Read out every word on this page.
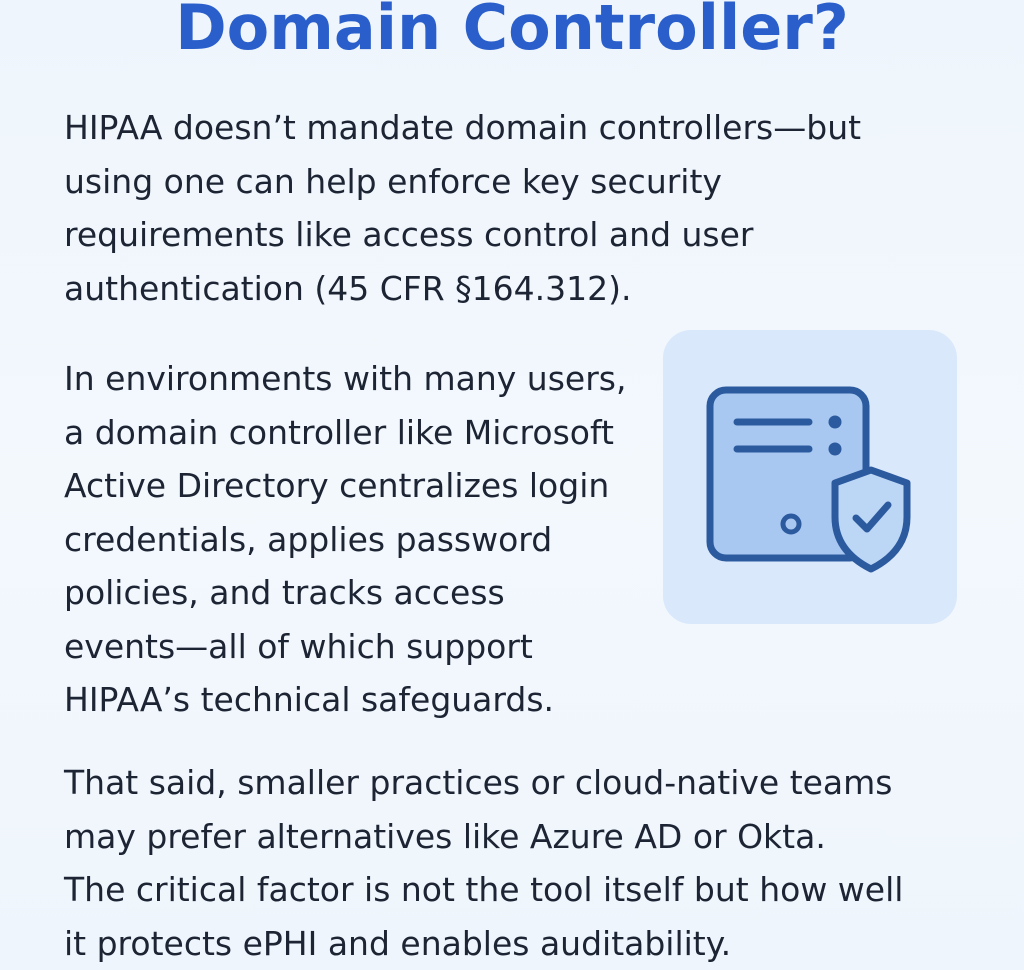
Domain Controller?

HIPAA doesn’t mandate domain controllers—but
using one can help enforce key security
requirements like access control and user
authentication (45 CFR §164.312).

In environments with many users,
a domain controller like Microsoft
Active Directory centralizes login
credentials, applies password
policies, and tracks access
events—all of which support
HIPAA’s technical safeguards.

That said, smaller practices or cloud-native teams
may prefer alternatives like Azure AD or Okta.
The critical factor is not the tool itself but how well
it protects ePHI and enables auditability.
